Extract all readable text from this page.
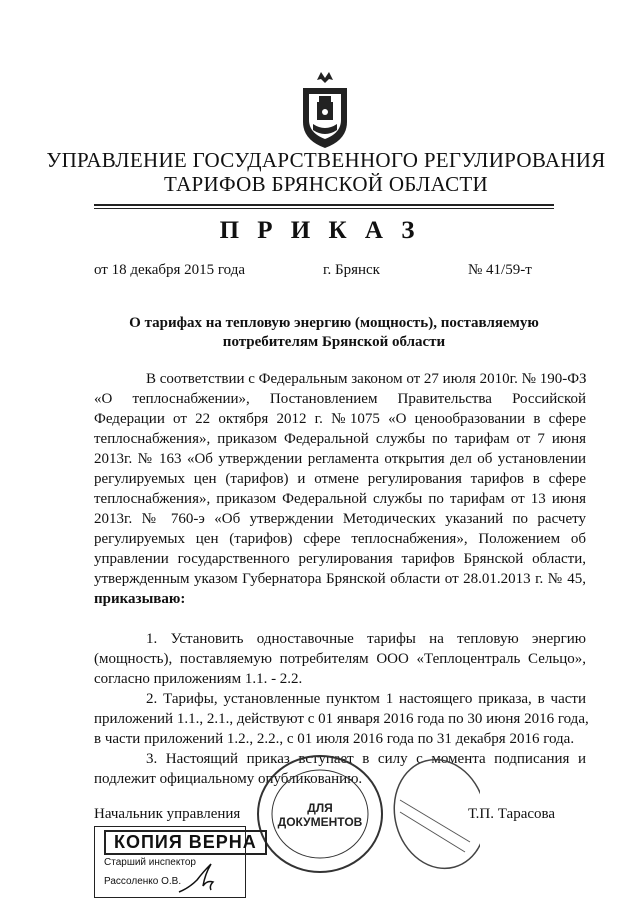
УПРАВЛЕНИЕ ГОСУДАРСТВЕННОГО РЕГУЛИРОВАНИЯ
ТАРИФОВ БРЯНСКОЙ ОБЛАСТИ
П Р И К А З
от 18 декабря 2015 года	г. Брянск	№ 41/59-т
О тарифах на тепловую энергию (мощность), поставляемую
потребителям Брянской области
В соответствии с Федеральным законом от 27 июля 2010г. № 190-ФЗ
«О теплоснабжении», Постановлением Правительства Российской
Федерации от 22 октября 2012 г. №1075 «О ценообразовании в сфере
теплоснабжения», приказом Федеральной службы по тарифам от 7 июня
2013г. № 163 «Об утверждении регламента открытия дел об установлении
регулируемых цен (тарифов) и отмене регулирования тарифов в сфере
теплоснабжения», приказом Федеральной службы по тарифам от 13 июня
2013г. № 760-э «Об утверждении Методических указаний по расчету
регулируемых цен (тарифов) сфере теплоснабжения», Положением об
управлении государственного регулирования тарифов Брянской области,
утвержденным указом Губернатора Брянской области от 28.01.2013 г. № 45,
приказываю:
1. Установить одноставочные тарифы на тепловую энергию
(мощность), поставляемую потребителям ООО «Теплоцентраль Сельцо»,
согласно приложениям 1.1. - 2.2.
2. Тарифы, установленные пунктом 1 настоящего приказа, в части
приложений 1.1., 2.1., действуют с 01 января 2016 года по 30 июня 2016 года,
в части приложений 1.2., 2.2., с 01 июля 2016 года по 31 декабря 2016 года.
3. Настоящий приказ вступает в силу с момента подписания и
подлежит официальному опубликованию.
Начальник управления	Т.П. Тарасова
ДЛЯ
ДОКУМЕНТОВ
КОПИЯ ВЕРНА
Старший инспектор
Рассоленко О.В.
